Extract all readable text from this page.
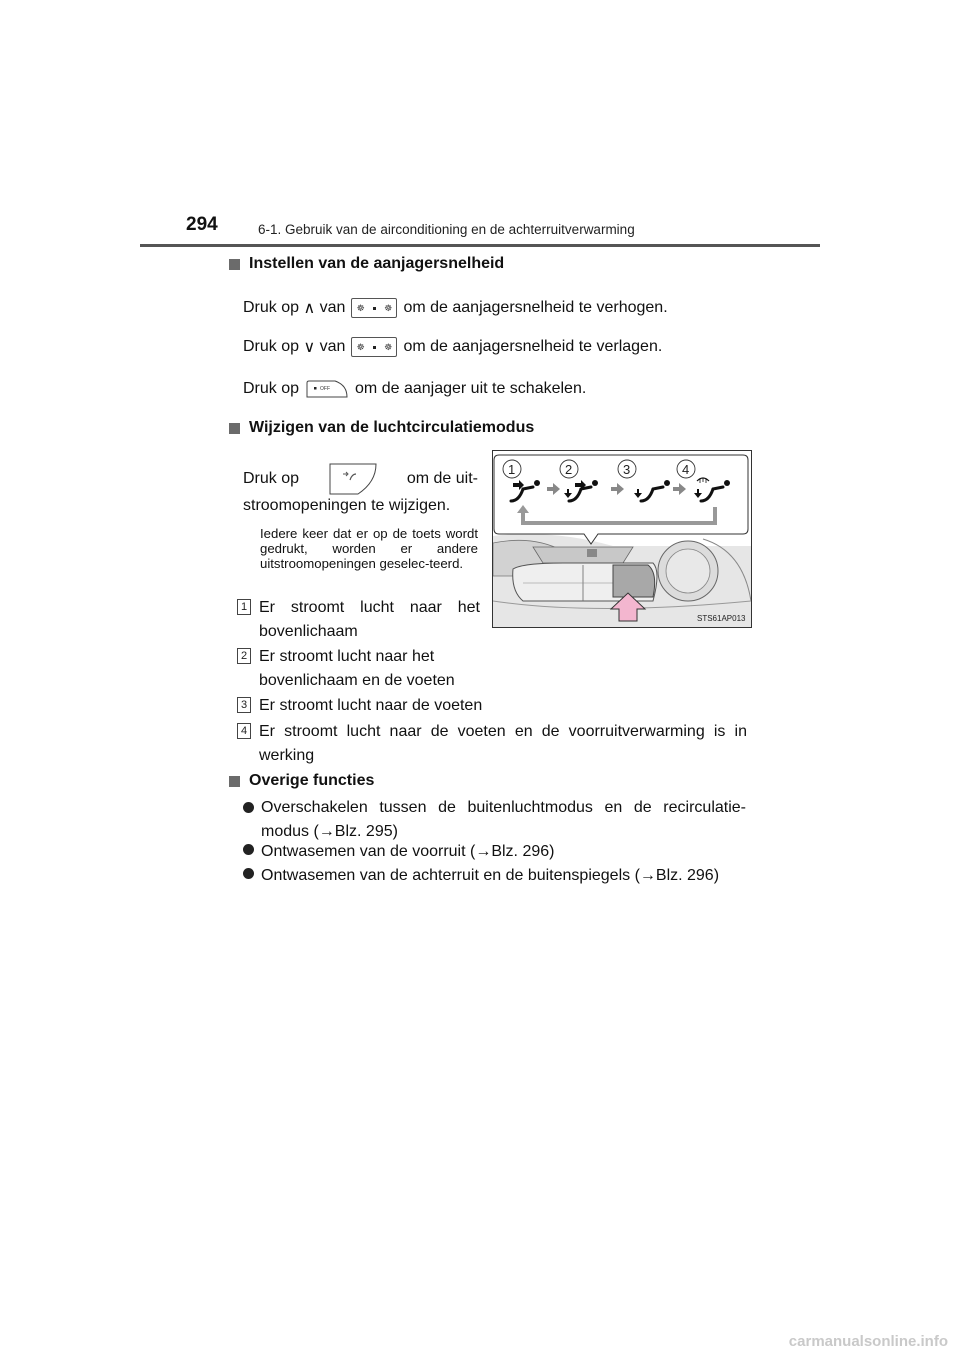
294	6-1. Gebruik van de airconditioning en de achterruitverwarming
Instellen van de aanjagersnelheid
Druk op
∧
van ☸ ☸ om de aanjagersnelheid te verhogen.
Druk op
∨
van ☸ ☸ om de aanjagersnelheid te verlagen.
Druk op	OFF om de aanjager uit te schakelen.
Wijzigen van de luchtcirculatiemodus
Druk op	om de uit-
stroomopeningen te wijzigen.
Iedere keer dat er op de toets wordt gedrukt, worden er andere uitstroomopeningen geselec-teerd.
1 Er stroomt lucht naar het bovenlichaam
2 Er stroomt lucht naar het bovenlichaam en de voeten
3 Er stroomt lucht naar de voeten
4 Er stroomt lucht naar de voeten en de voorruitverwarming is in werking
1	2	3	4
STS61AP013
Overige functies
Overschakelen tussen de buitenluchtmodus en de recirculatie-modus (→Blz. 295)
Ontwasemen van de voorruit (→Blz. 296)
Ontwasemen van de achterruit en de buitenspiegels (→Blz. 296)
carmanualsonline.info
